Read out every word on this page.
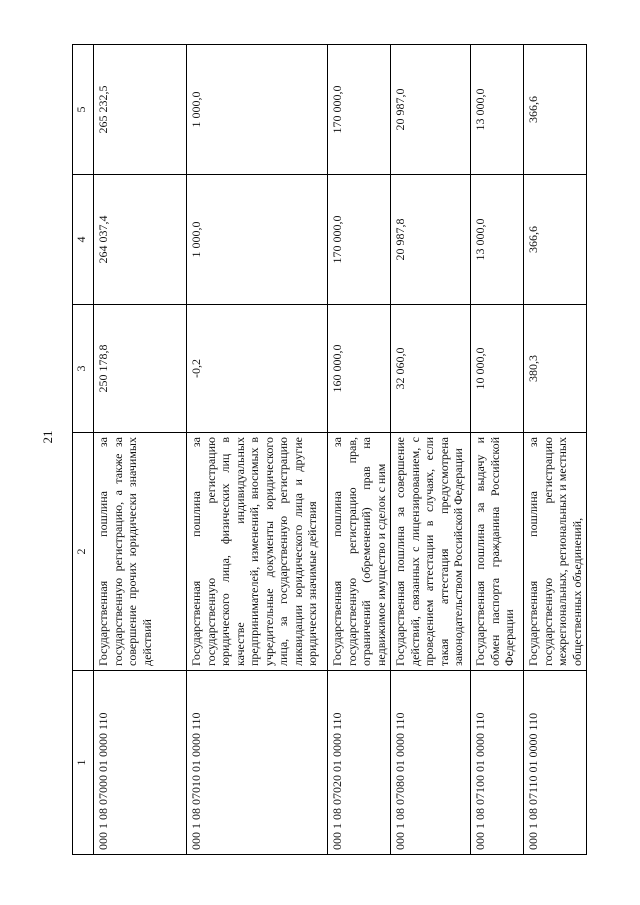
21
1	2	3	4	5
000 1 08 07000 01 0000 110	Государственная пошлина за государственную регистрацию, а также за совершение прочих юридически значимых действий	250 178,8	264 037,4	265 232,5
000 1 08 07010 01 0000 110	Государственная пошлина за государственную регистрацию юридического лица, физических лиц в качестве индивидуальных предпринимателей, изменений, вносимых в учредительные документы юридического лица, за государственную регистрацию ликвидации юридического лица и другие юридически значимые действия	-0,2	1 000,0	1 000,0
000 1 08 07020 01 0000 110	Государственная пошлина за государственную регистрацию прав, ограничений (обременений) прав на недвижимое имущество и сделок с ним	160 000,0	170 000,0	170 000,0
000 1 08 07080 01 0000 110	Государственная пошлина за совершение действий, связанных с лицензированием, с проведением аттестации в случаях, если такая аттестация предусмотрена законодательством Российской Федерации	32 060,0	20 987,8	20 987,0
000 1 08 07100 01 0000 110	Государственная пошлина за выдачу и обмен паспорта гражданина Российской Федерации	10 000,0	13 000,0	13 000,0
000 1 08 07110 01 0000 110	Государственная пошлина за государственную регистрацию межрегиональных, региональных и местных общественных объединений,	380,3	366,6	366,6
